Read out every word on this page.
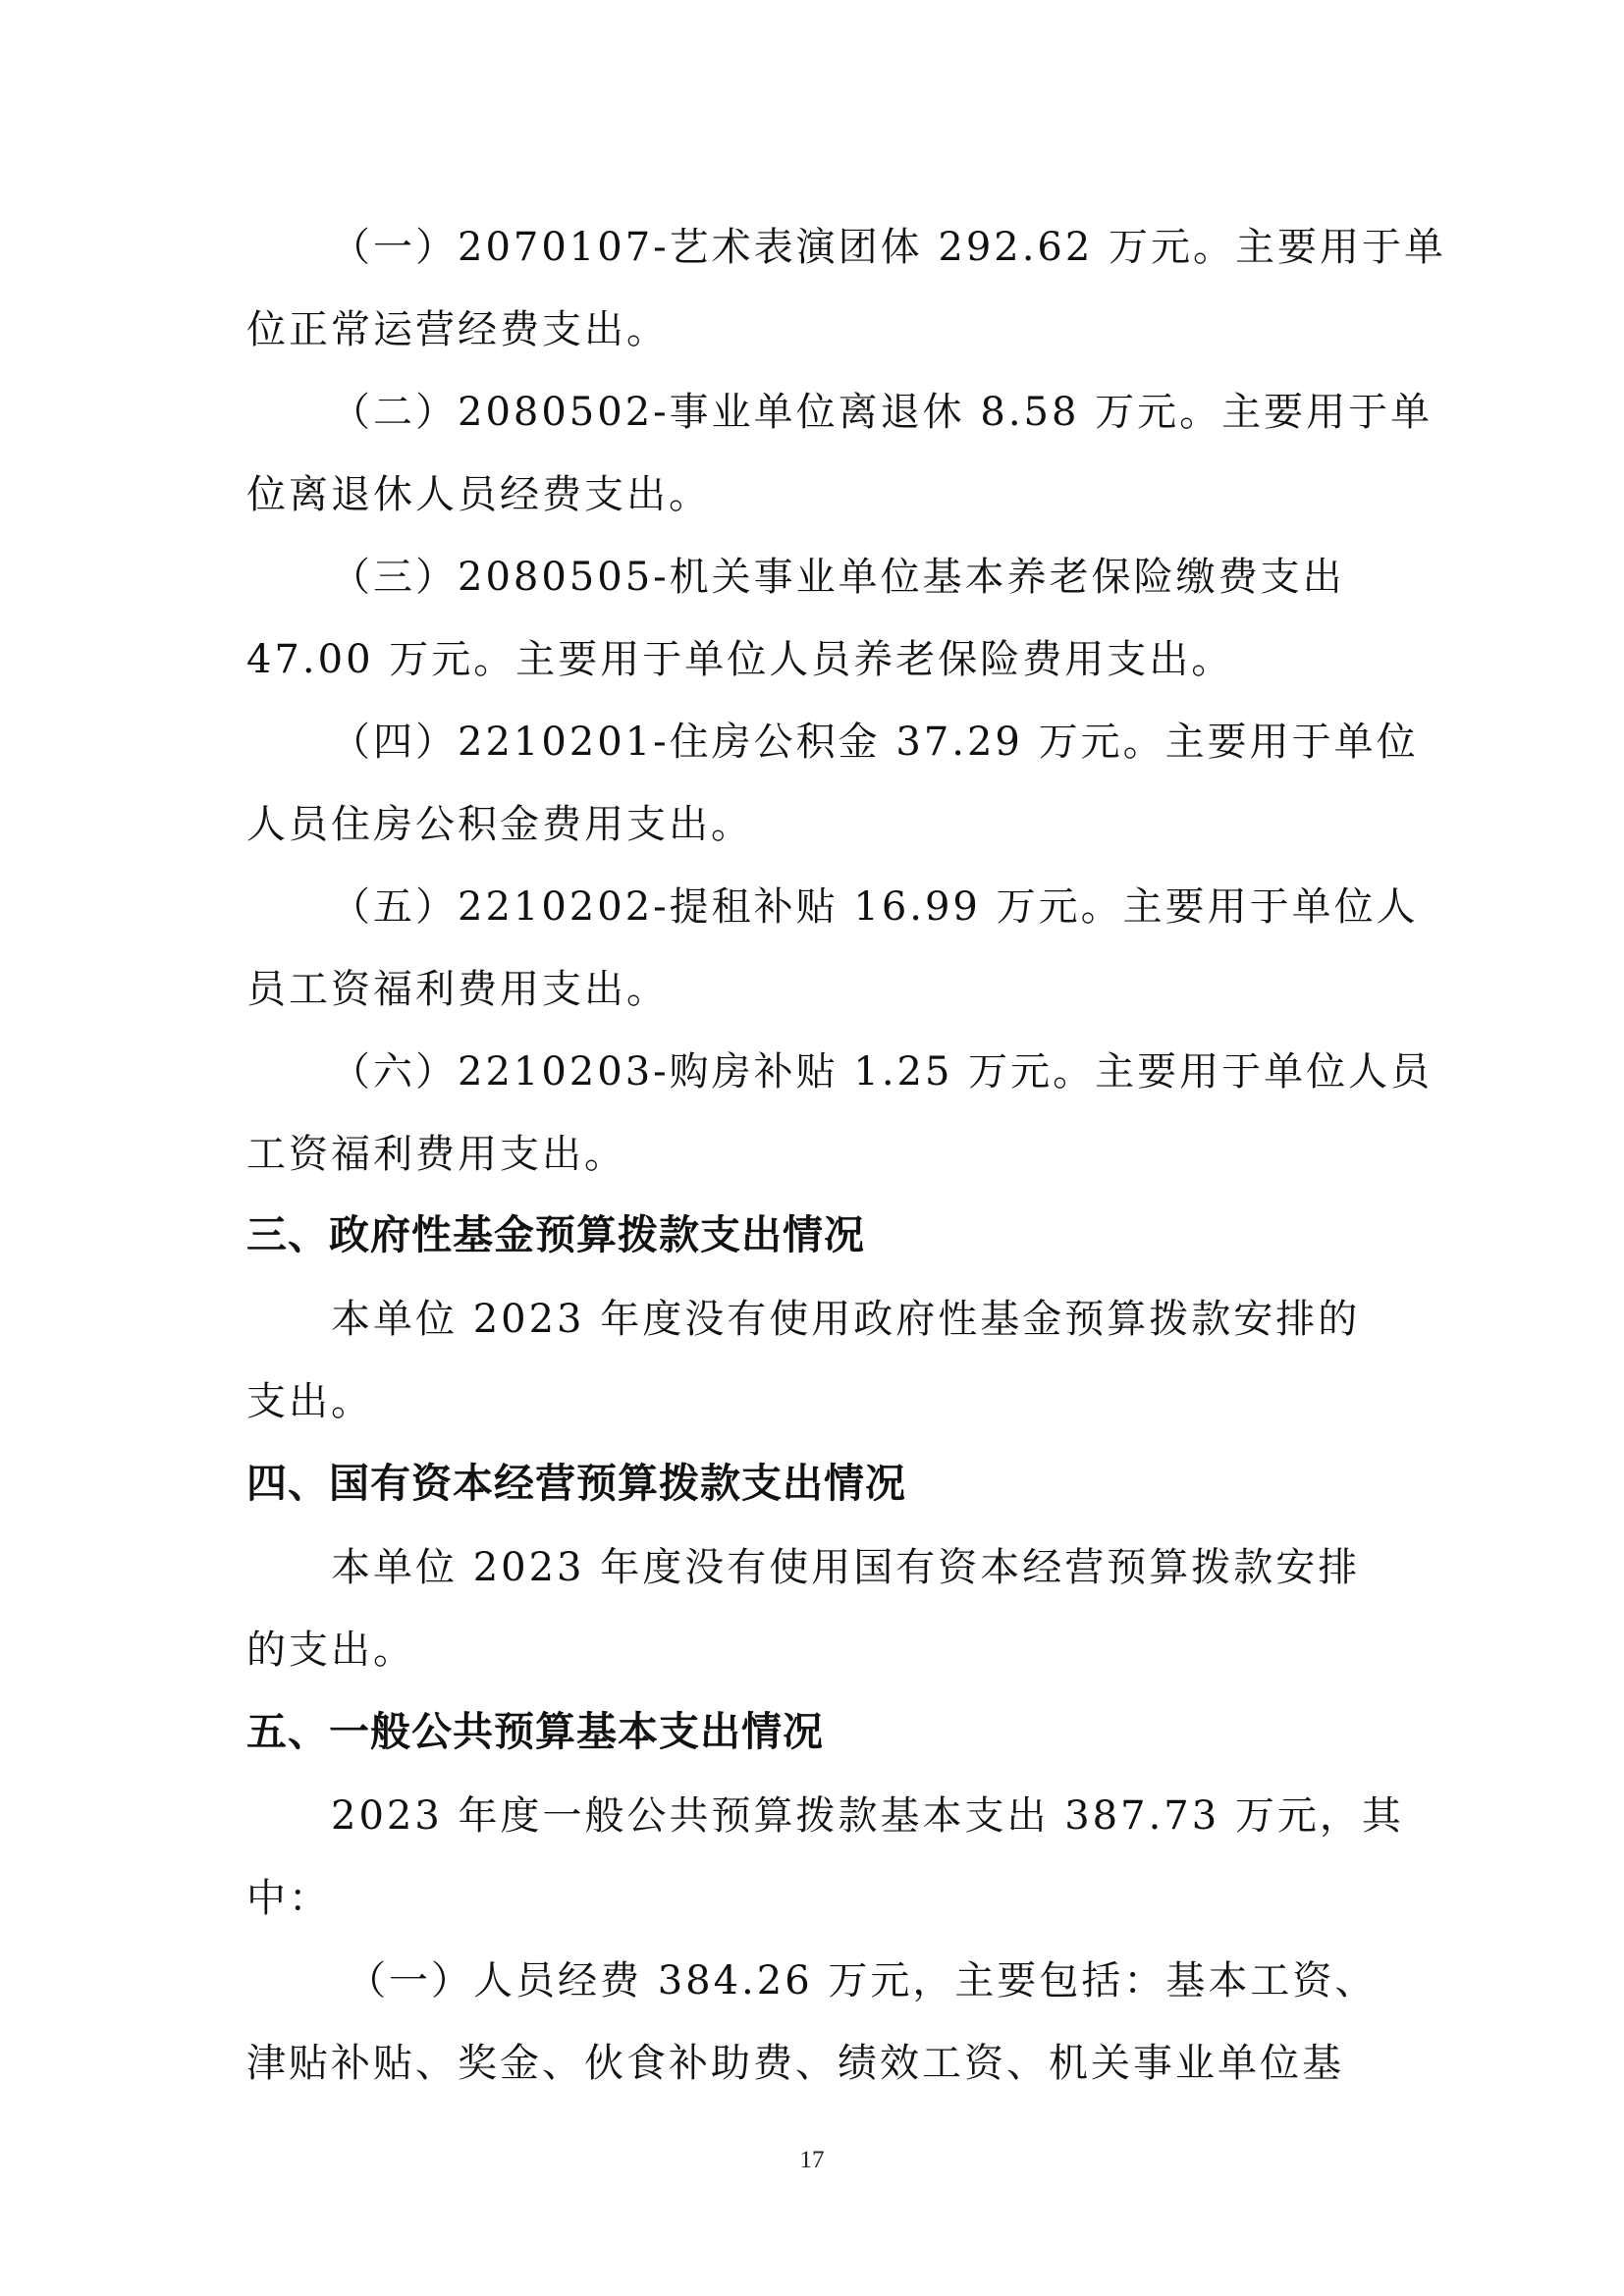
（一）2070107-艺术表演团体 292.62 万元。主要用于单
位正常运营经费支出。
（二）2080502-事业单位离退休 8.58 万元。主要用于单
位离退休人员经费支出。
（三）2080505-机关事业单位基本养老保险缴费支出
47.00 万元。主要用于单位人员养老保险费用支出。
（四）2210201-住房公积金 37.29 万元。主要用于单位
人员住房公积金费用支出。
（五）2210202-提租补贴 16.99 万元。主要用于单位人
员工资福利费用支出。
（六）2210203-购房补贴 1.25 万元。主要用于单位人员
工资福利费用支出。
三、政府性基金预算拨款支出情况
本单位 2023 年度没有使用政府性基金预算拨款安排的
支出。
四、国有资本经营预算拨款支出情况
本单位 2023 年度没有使用国有资本经营预算拨款安排
的支出。
五、一般公共预算基本支出情况
2023 年度一般公共预算拨款基本支出 387.73 万元，其
中：
（一）人员经费 384.26 万元，主要包括：基本工资、
津贴补贴、奖金、伙食补助费、绩效工资、机关事业单位基
17
